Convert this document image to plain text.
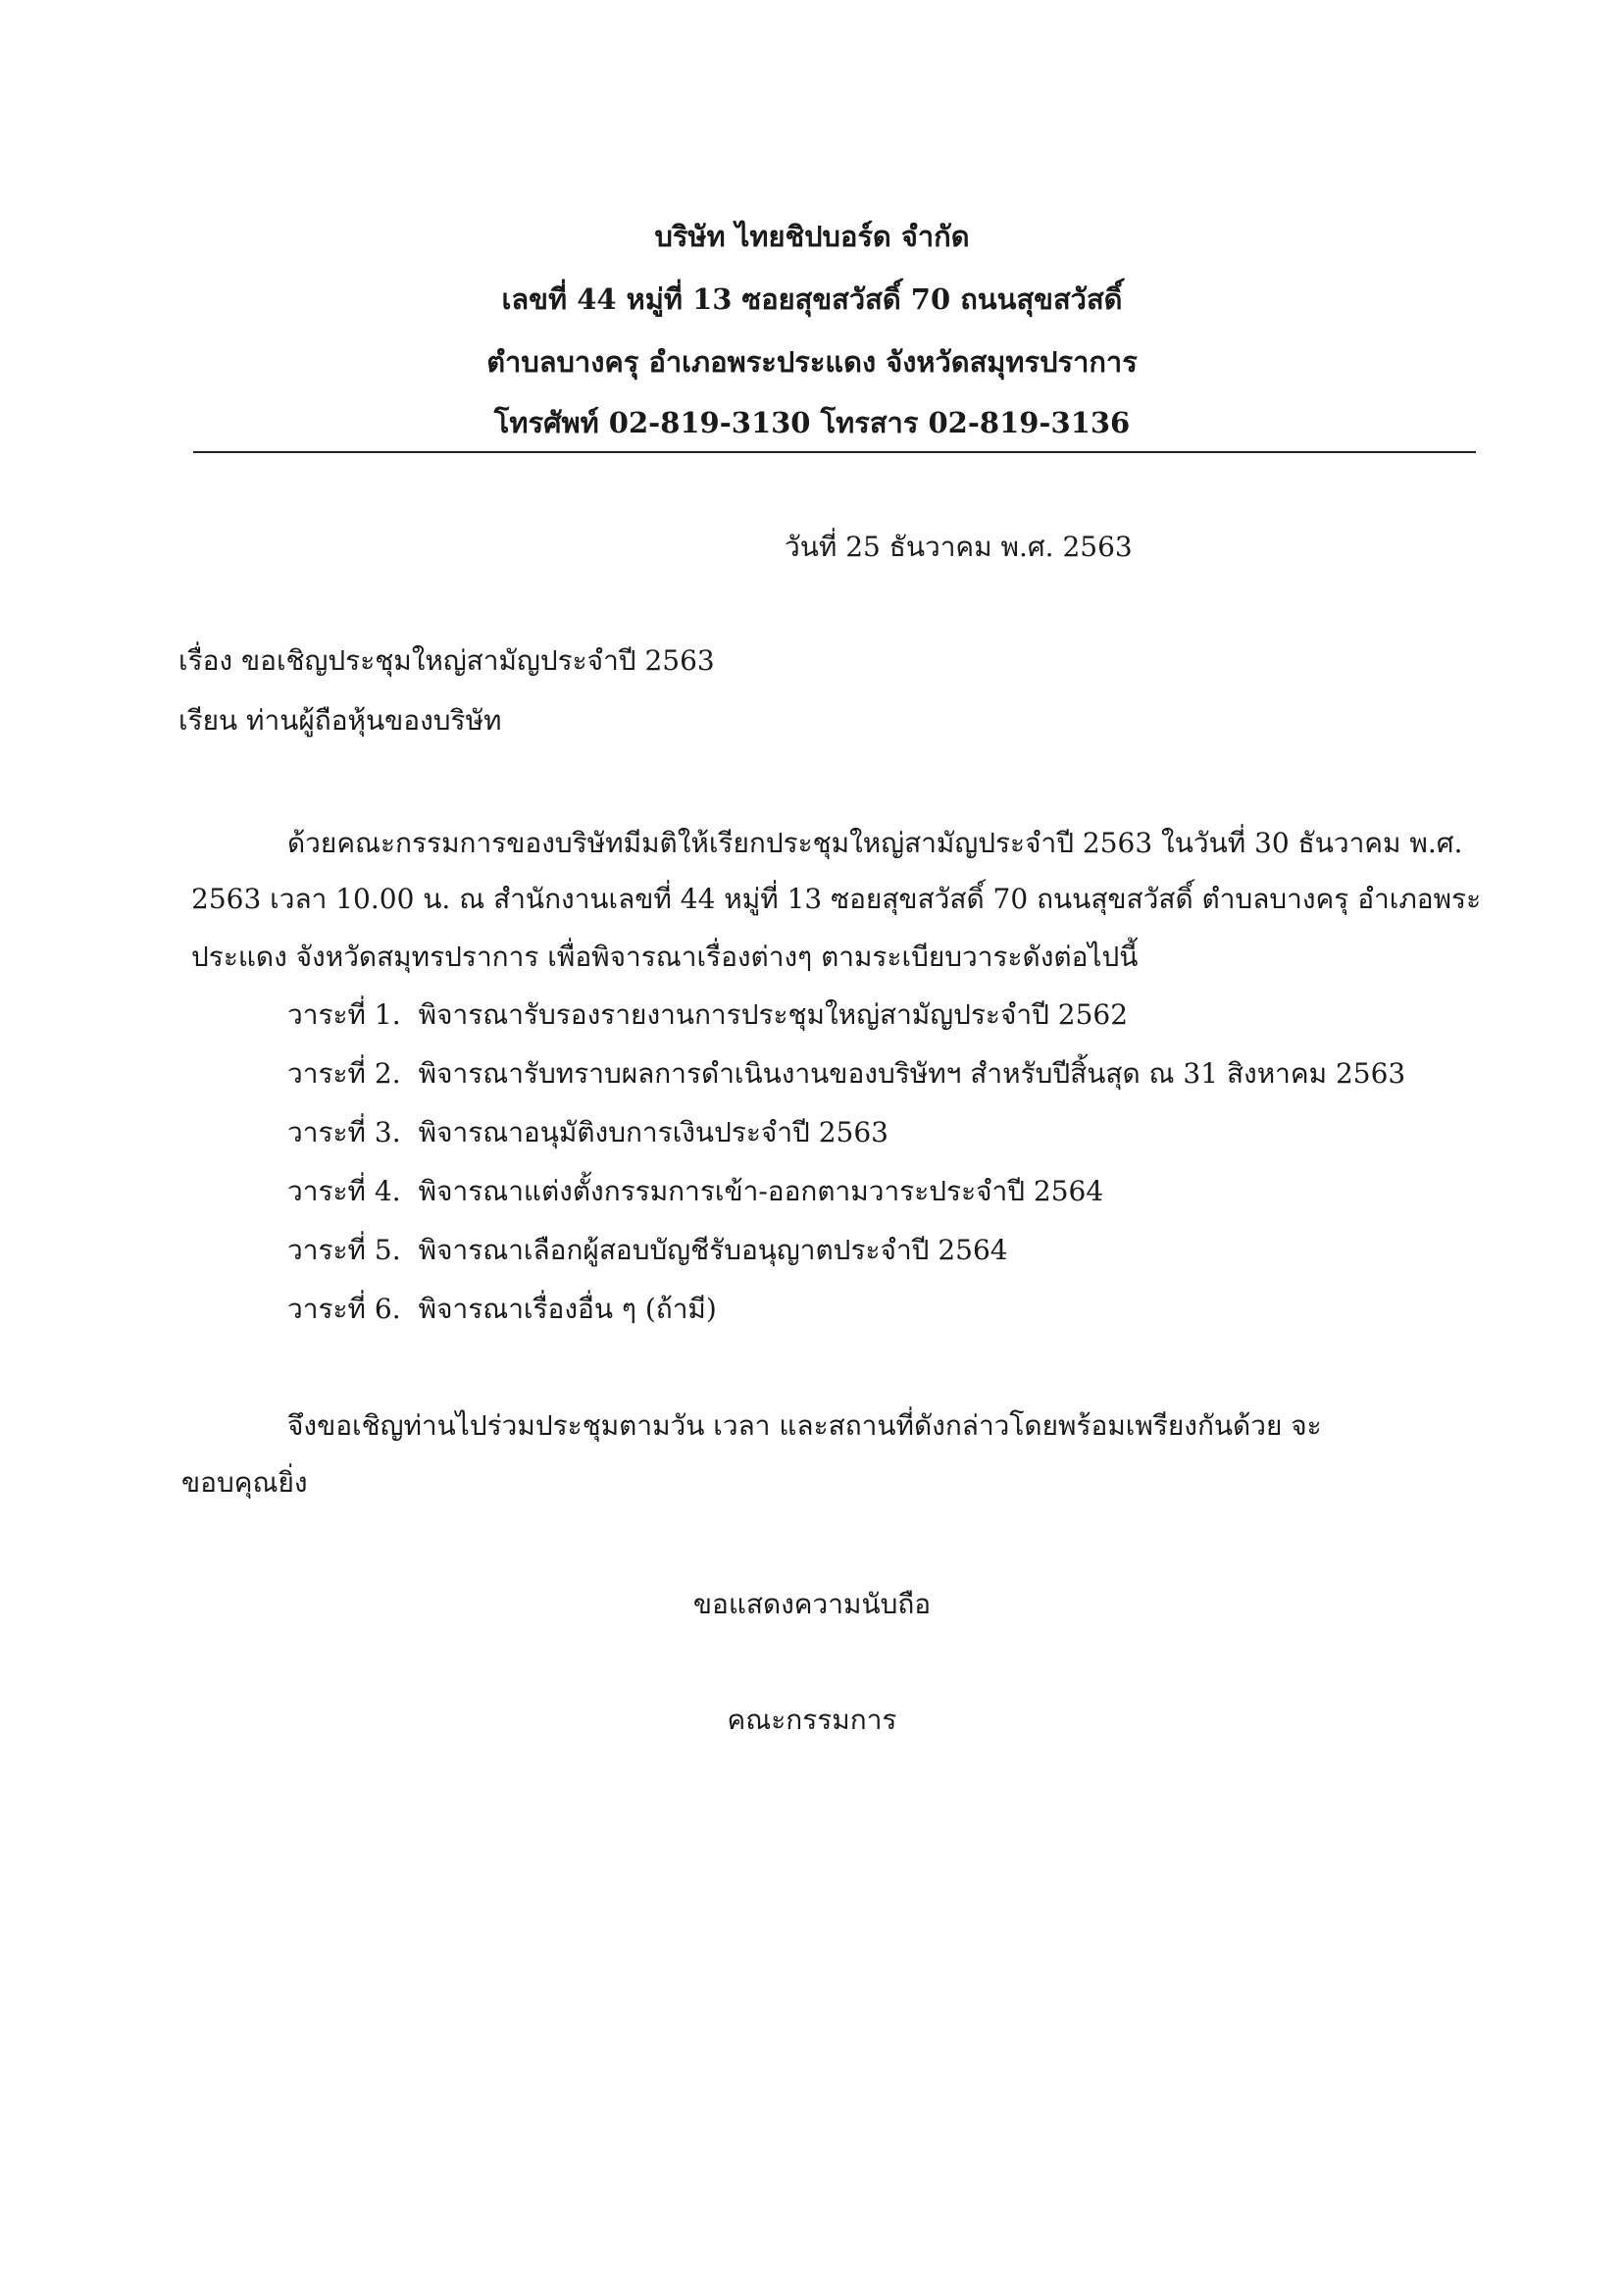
บริษัท ไทยชิปบอร์ด จำกัด
เลขที่ 44 หมู่ที่ 13 ซอยสุขสวัสดิ์ 70 ถนนสุขสวัสดิ์
ตำบลบางครุ อำเภอพระประแดง จังหวัดสมุทรปราการ
โทรศัพท์ 02-819-3130 โทรสาร 02-819-3136
วันที่ 25 ธันวาคม พ.ศ. 2563
เรื่อง ขอเชิญประชุมใหญ่สามัญประจำปี 2563
เรียน ท่านผู้ถือหุ้นของบริษัท
ด้วยคณะกรรมการของบริษัทมีมติให้เรียกประชุมใหญ่สามัญประจำปี 2563 ในวันที่ 30 ธันวาคม พ.ศ.
2563 เวลา 10.00 น. ณ สำนักงานเลขที่ 44 หมู่ที่ 13 ซอยสุขสวัสดิ์ 70 ถนนสุขสวัสดิ์ ตำบลบางครุ อำเภอพระ
ประแดง จังหวัดสมุทรปราการ เพื่อพิจารณาเรื่องต่างๆ ตามระเบียบวาระดังต่อไปนี้
วาระที่ 1. พิจารณารับรองรายงานการประชุมใหญ่สามัญประจำปี 2562
วาระที่ 2. พิจารณารับทราบผลการดำเนินงานของบริษัทฯ สำหรับปีสิ้นสุด ณ 31 สิงหาคม 2563
วาระที่ 3. พิจารณาอนุมัติงบการเงินประจำปี 2563
วาระที่ 4. พิจารณาแต่งตั้งกรรมการเข้า-ออกตามวาระประจำปี 2564
วาระที่ 5. พิจารณาเลือกผู้สอบบัญชีรับอนุญาตประจำปี 2564
วาระที่ 6. พิจารณาเรื่องอื่น ๆ (ถ้ามี)
จึงขอเชิญท่านไปร่วมประชุมตามวัน เวลา และสถานที่ดังกล่าวโดยพร้อมเพรียงกันด้วย จะ
ขอบคุณยิ่ง
ขอแสดงความนับถือ
คณะกรรมการ
